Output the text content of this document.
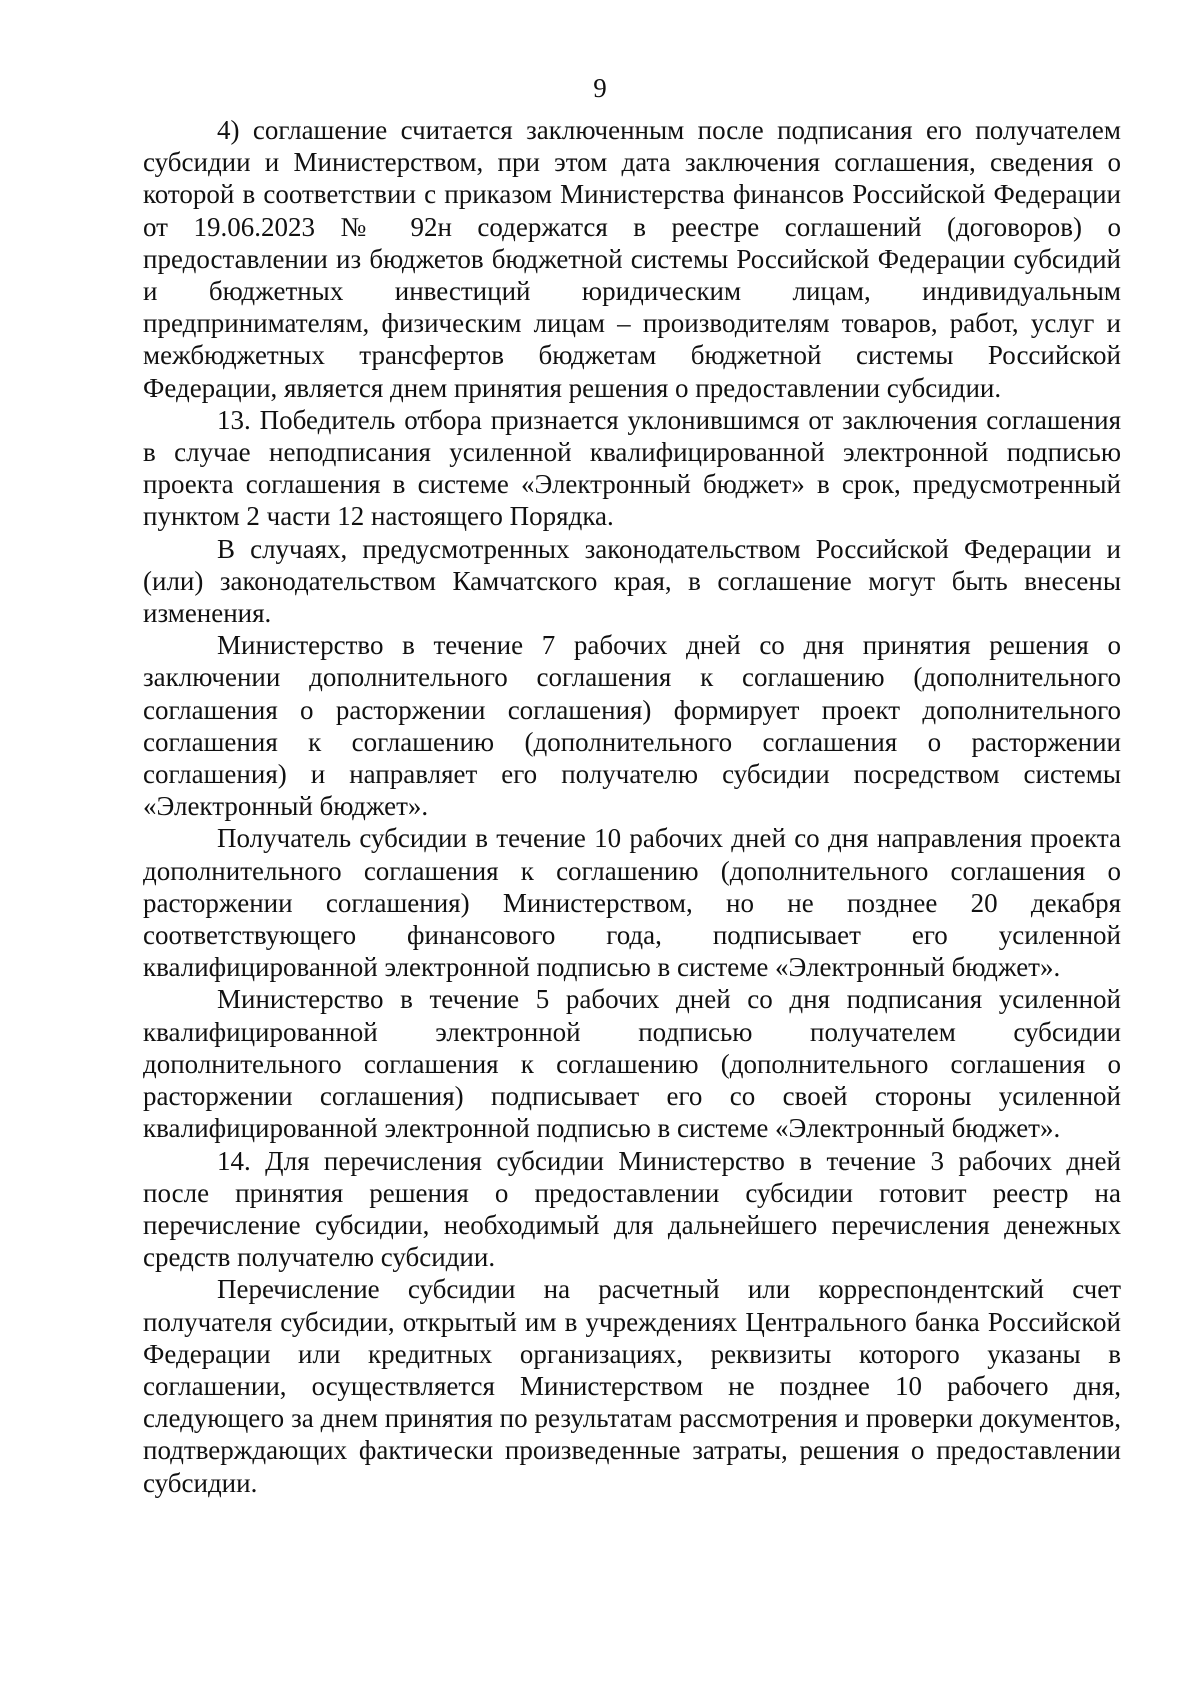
9

4) соглашение считается заключенным после подписания его получателем субсидии и Министерством, при этом дата заключения соглашения, сведения о которой в соответствии с приказом Министерства финансов Российской Федерации от 19.06.2023 № 92н содержатся в реестре соглашений (договоров) о предоставлении из бюджетов бюджетной системы Российской Федерации субсидий и бюджетных инвестиций юридическим лицам, индивидуальным предпринимателям, физическим лицам – производителям товаров, работ, услуг и межбюджетных трансфертов бюджетам бюджетной системы Российской Федерации, является днем принятия решения о предоставлении субсидии.

13. Победитель отбора признается уклонившимся от заключения соглашения в случае неподписания усиленной квалифицированной электронной подписью проекта соглашения в системе «Электронный бюджет» в срок, предусмотренный пунктом 2 части 12 настоящего Порядка.

В случаях, предусмотренных законодательством Российской Федерации и (или) законодательством Камчатского края, в соглашение могут быть внесены изменения.

Министерство в течение 7 рабочих дней со дня принятия решения о заключении дополнительного соглашения к соглашению (дополнительного соглашения о расторжении соглашения) формирует проект дополнительного соглашения к соглашению (дополнительного соглашения о расторжении соглашения) и направляет его получателю субсидии посредством системы «Электронный бюджет».

Получатель субсидии в течение 10 рабочих дней со дня направления проекта дополнительного соглашения к соглашению (дополнительного соглашения о расторжении соглашения) Министерством, но не позднее 20 декабря соответствующего финансового года, подписывает его усиленной квалифицированной электронной подписью в системе «Электронный бюджет».

Министерство в течение 5 рабочих дней со дня подписания усиленной квалифицированной электронной подписью получателем субсидии дополнительного соглашения к соглашению (дополнительного соглашения о расторжении соглашения) подписывает его со своей стороны усиленной квалифицированной электронной подписью в системе «Электронный бюджет».

14. Для перечисления субсидии Министерство в течение 3 рабочих дней после принятия решения о предоставлении субсидии готовит реестр на перечисление субсидии, необходимый для дальнейшего перечисления денежных средств получателю субсидии.

Перечисление субсидии на расчетный или корреспондентский счет получателя субсидии, открытый им в учреждениях Центрального банка Российской Федерации или кредитных организациях, реквизиты которого указаны в соглашении, осуществляется Министерством не позднее 10 рабочего дня, следующего за днем принятия по результатам рассмотрения и проверки документов, подтверждающих фактически произведенные затраты, решения о предоставлении субсидии.
